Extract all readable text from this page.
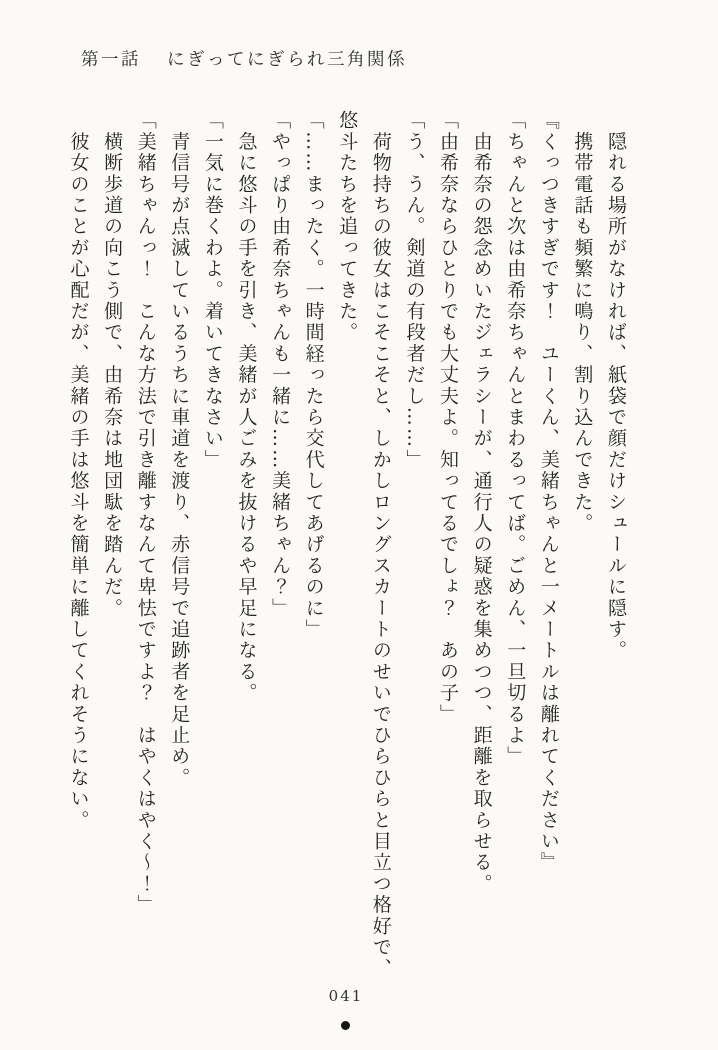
第一話 にぎってにぎられ三角関係

　隠れる場所がなければ、紙袋で顔だけシュールに隠す。

　携帯電話も頻繁に鳴り、割り込んできた。

『くっつきすぎです！　ユーくん、美緒ちゃんと一メートルは離れてください』

「ちゃんと次は由希奈ちゃんとまわるってば。ごめん、一旦切るよ」

　由希奈の怨念めいたジェラシーが、通行人の疑惑を集めつつ、距離を取らせる。

「由希奈ならひとりでも大丈夫よ。知ってるでしょ？　あの子」

「う、うん。剣道の有段者だし……」

　荷物持ちの彼女はこそこそと、しかしロングスカートのせいでひらひらと目立つ格好で、

悠斗たちを追ってきた。

「……まったく。一時間経ったら交代してあげるのに」

「やっぱり由希奈ちゃんも一緒に……美緒ちゃん？」

　急に悠斗の手を引き、美緒が人ごみを抜けるや早足になる。

「一気に巻くわよ。着いてきなさい」

　青信号が点滅しているうちに車道を渡り、赤信号で追跡者を足止め。

「美緒ちゃんっ！　こんな方法で引き離すなんて卑怯ですよ？　はやくはやく～！」

　横断歩道の向こう側で、由希奈は地団駄を踏んだ。

　彼女のことが心配だが、美緒の手は悠斗を簡単に離してくれそうにない。

041
